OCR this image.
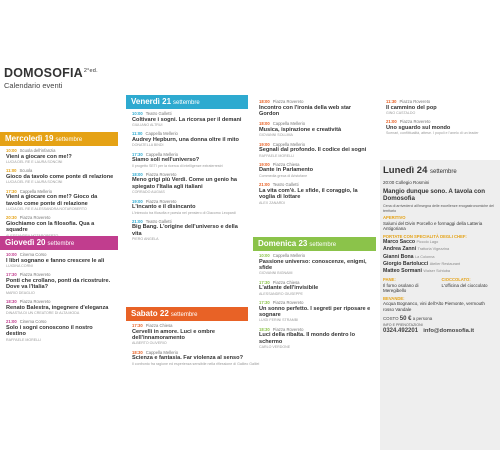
$DOMOSOFIA^{2^\circ ed.}$
Calendario eventi
Mercoledì 19 settembre
10:00 Scuola dell'infanzia
Vieni a giocare con me!?
LUCIA DEL RE E LAURA SONCINI
11:00 Scuola
Gioco da tavolo come ponte di relazione
LUCIA DEL RE E LAURA SONCINI
17:30 Cappella Mellerio
Vieni a giocare con me!? Gioco da tavolo come ponte di relazione
LUCIA DEL RE E ALESSANDRA NOTAROBERTO
20:30 Piazza Rovereto
Giochiamo con la filosofia. Qua a squadre
Giovedì 20 settembre
10:00 Cinema Corso
I libri sognano e fanno crescere le ali
LUIGINA CORNI
17:30 Piazza Rovereto
Ponti che crollano, ponti da ricostruire. Dove va l'Italia?
MARIO DEAGLIO
18:30 Piazza Rovereto
Renato Balestra, ingegnere d'eleganza
DINASTIA DI UN CREATORE DI ALTA MODA
21:00 Cinema Corso
Solo i sogni conoscono il nostro destino
RAFFAELE MORELLI
Venerdì 21 settembre
10:00 Teatro Galletti
Coltivare i sogni. La ricorsa per il demani
GIULIANO ALTRUI
11:00 Cappella Mellerio
Audrey Hepburn, una donna oltre il mito
DONATELLA BINDI
17:30 Cappella Mellerio
Siamo soli nell'universo?
Il progetto SETI per la ricerca di intelligenze extraterrestri
18:00 Piazza Rovereto
Meno grigi più Verdi. Come un genio ha spiegato l'Italia agli italiani
CORRADO AUGIAS
19:00 Piazza Rovereto
L'incanto e il disincanto
L'intreccio tra filosofia e poesia nel pensiero di Giacomo Leopardi
21:00 Teatro Galletti
Big Bang. L'origine dell'universo e della vita
PIERO ANGELA
Sabato 22 settembre
17:30 Piazza Chiesa
Cervelli in amore. Luci e ombre dell'innamoramento
ALBERTO OLIVERIO
18:30 Cappella Mellerio
Scienza e fantasia. Far violenza al senso?
Il confronto fra ragione ed esperienza sensibile nella riflessione di Galileo Galilei
18:00 Piazza Rovereto
Incontro con l'ironia della web star Gordon
18:00 Cappella Mellerio
Musica, ispirazione e creatività
GIOVANNI SOLLIMA
19:00 Cappella Mellerio
Segnali dal profondo. Il codice dei sogni
RAFFAELE MORELLI
19:00 Piazza Chiesa
Dante in Parlamento
Commedia greca di Aristofane
21:00 Teatro Galletti
La vita com'è. Le sfide, il coraggio, la voglia di lottare
ALEX ZANARDI
Domenica 23 settembre
10:00 Cappella Mellerio
Passione universo: conoscenze, enigmi, sfide
GIOVANNI BIGNAMI
17:30 Piazza Chiesa
L'atlante dell'invisibile
ALESSANDRO GIUSEPPE
17:30 Piazza Rovereto
Un sonno perfetto. I segreti per riposare e sognare
LUIGI FERINI STRAMBI
18:30 Piazza Rovereto
Luci della ribalta. Il mondo dentro lo schermo
CARLO VERDONE
11:30 Piazza Rovereto
Il cammino del pop
GINO CASTALDO
21:00 Piazza Rovereto
Uno sguardo sul mondo
Scenari, conflittualità, attese. I popoli e l'anelo di un leader
Lunedì 24 settembre
20:00 Collegio Rosmini
Mangio dunque sono. A tavola con Domosofia
Cena di arrivederci all'insegna delle eccellenze enogastronomiche del territorio
APERITIVO
Salumi del Divin Porcello e formaggi della Latteria Antigoriana
PORTATE CON SPECIALITÀ DEGLI CHEF:
Marco Sacco Piccolo Lago
Andrea Zanni Trattoria Vigezzina
Gianni Bona La Colonna
Giorgio Bartolucci Atelier Restaurant
Matteo Sormani Walser Schtuba
PANE:
Il forno osolano di Meregibello
CIOCCOLATO:
L'officina del cioccolato
BEVANDE:
Acqua Bognanco, vini dell'Alto Piemonte, vermouth rosso Vandale
COSTO 50 € a persona
INFO E PRENOTAZIONI
0324.492201 info@domosofia.it
